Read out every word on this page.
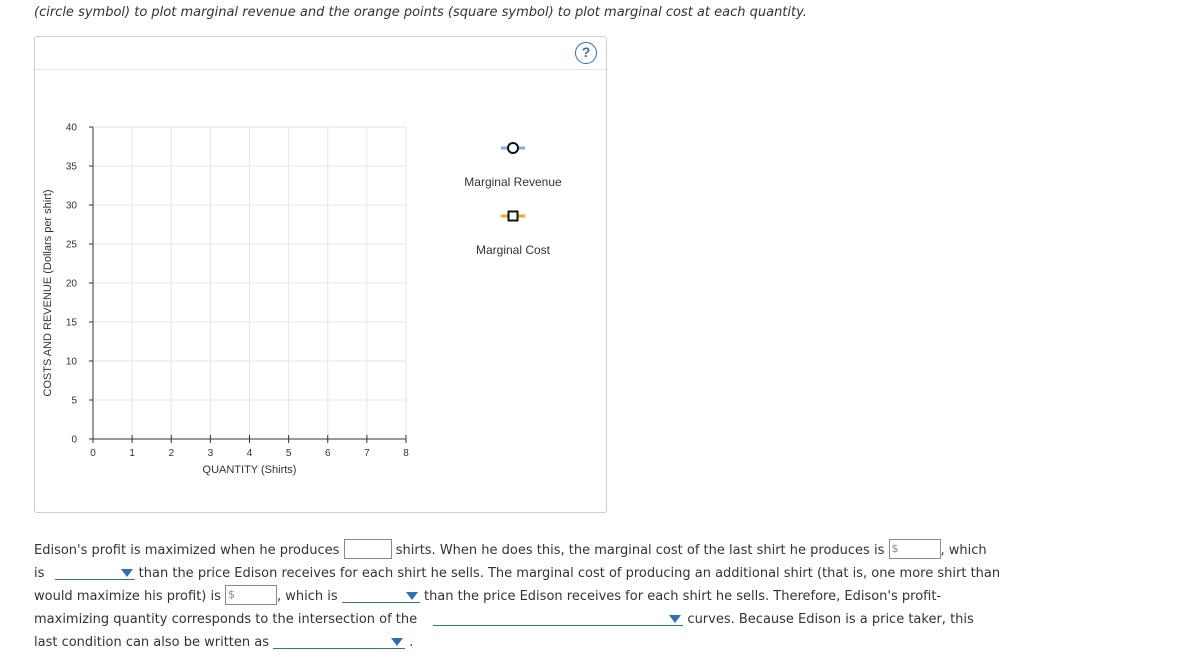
(circle symbol) to plot marginal revenue and the orange points (square symbol) to plot marginal cost at each quantity.
?
0
5
10
15
20
25
30
35
40
0	1	2	3	4	5	6	7	8
QUANTITY (Shirts)
COSTS AND REVENUE (Dollars per shirt)
Marginal Revenue
Marginal Cost
Edison's profit is maximized when he produces	shirts. When he does this, the marginal cost of the last shirt he produces is $	, which
is	than the price Edison receives for each shirt he sells. The marginal cost of producing an additional shirt (that is, one more shirt than
would maximize his profit) is $	, which is	than the price Edison receives for each shirt he sells. Therefore, Edison's profit-
maximizing quantity corresponds to the intersection of the	curves. Because Edison is a price taker, this
last condition can also be written as	.
